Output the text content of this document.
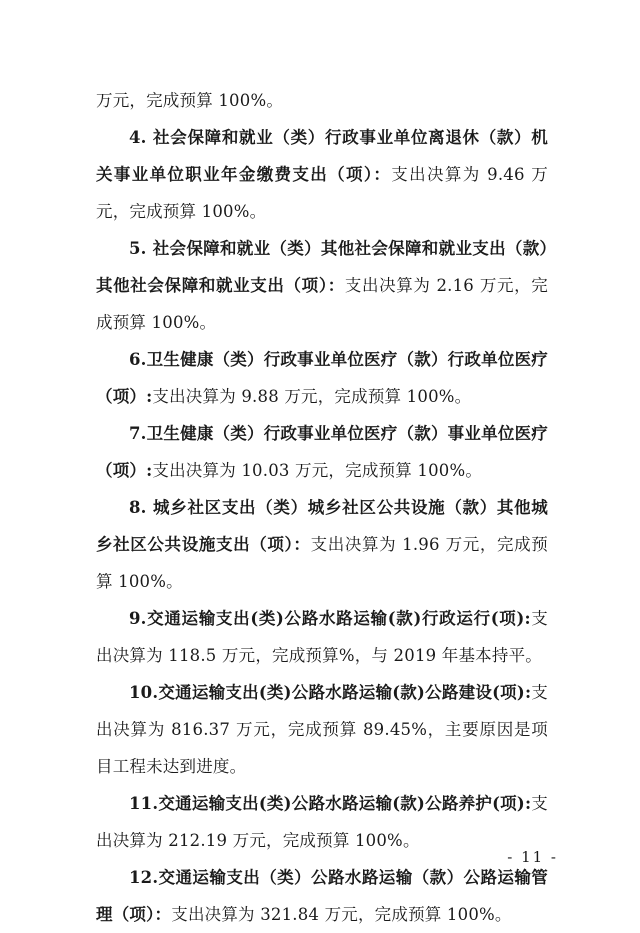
万元，完成预算 100%。

4. 社会保障和就业（类）行政事业单位离退休（款）机关事业单位职业年金缴费支出（项）：支出决算为 9.46 万元，完成预算 100%。

5. 社会保障和就业（类）其他社会保障和就业支出（款）其他社会保障和就业支出（项）：支出决算为 2.16 万元，完成预算 100%。

6.卫生健康（类）行政事业单位医疗（款）行政单位医疗（项）:支出决算为 9.88 万元，完成预算 100%。

7.卫生健康（类）行政事业单位医疗（款）事业单位医疗（项）:支出决算为 10.03 万元，完成预算 100%。

8. 城乡社区支出（类）城乡社区公共设施（款）其他城乡社区公共设施支出（项）：支出决算为 1.96 万元，完成预算 100%。

9.交通运输支出(类)公路水路运输(款)行政运行(项):支出决算为 118.5 万元，完成预算%，与 2019 年基本持平。

10.交通运输支出(类)公路水路运输(款)公路建设(项):支出决算为 816.37 万元，完成预算 89.45%，主要原因是项目工程未达到进度。

11.交通运输支出(类)公路水路运输(款)公路养护(项):支出决算为 212.19 万元，完成预算 100%。

12.交通运输支出（类）公路水路运输（款）公路运输管理（项）：支出决算为 321.84 万元，完成预算 100%。

- 11 -
